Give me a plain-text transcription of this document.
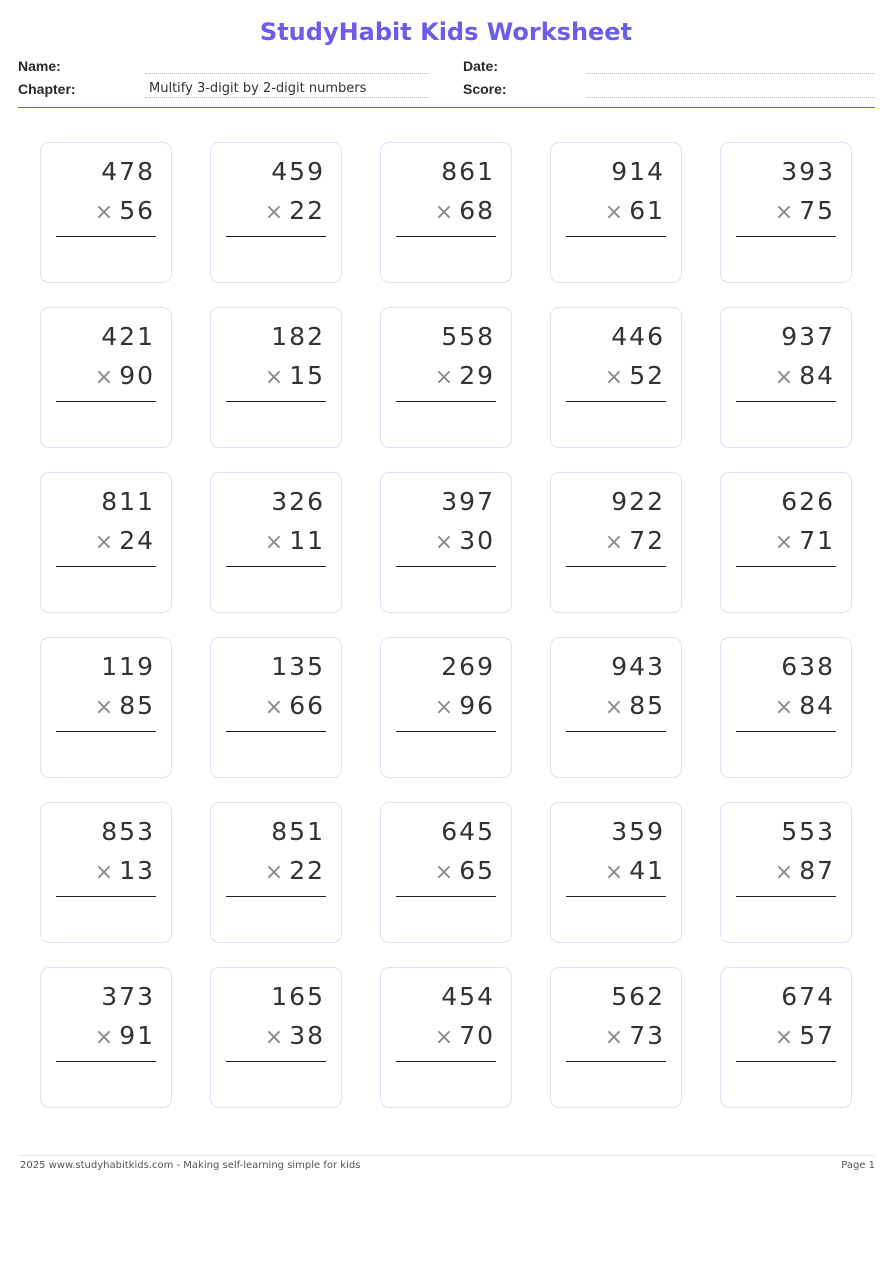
StudyHabit Kids Worksheet
Name:
Chapter:	Multify 3-digit by 2-digit numbers
Date:
Score:
478
× 56
459
× 22
861
× 68
914
× 61
393
× 75
421
× 90
182
× 15
558
× 29
446
× 52
937
× 84
811
× 24
326
× 11
397
× 30
922
× 72
626
× 71
119
× 85
135
× 66
269
× 96
943
× 85
638
× 84
853
× 13
851
× 22
645
× 65
359
× 41
553
× 87
373
× 91
165
× 38
454
× 70
562
× 73
674
× 57
2025 www.studyhabitkids.com - Making self-learning simple for kids	Page 1
